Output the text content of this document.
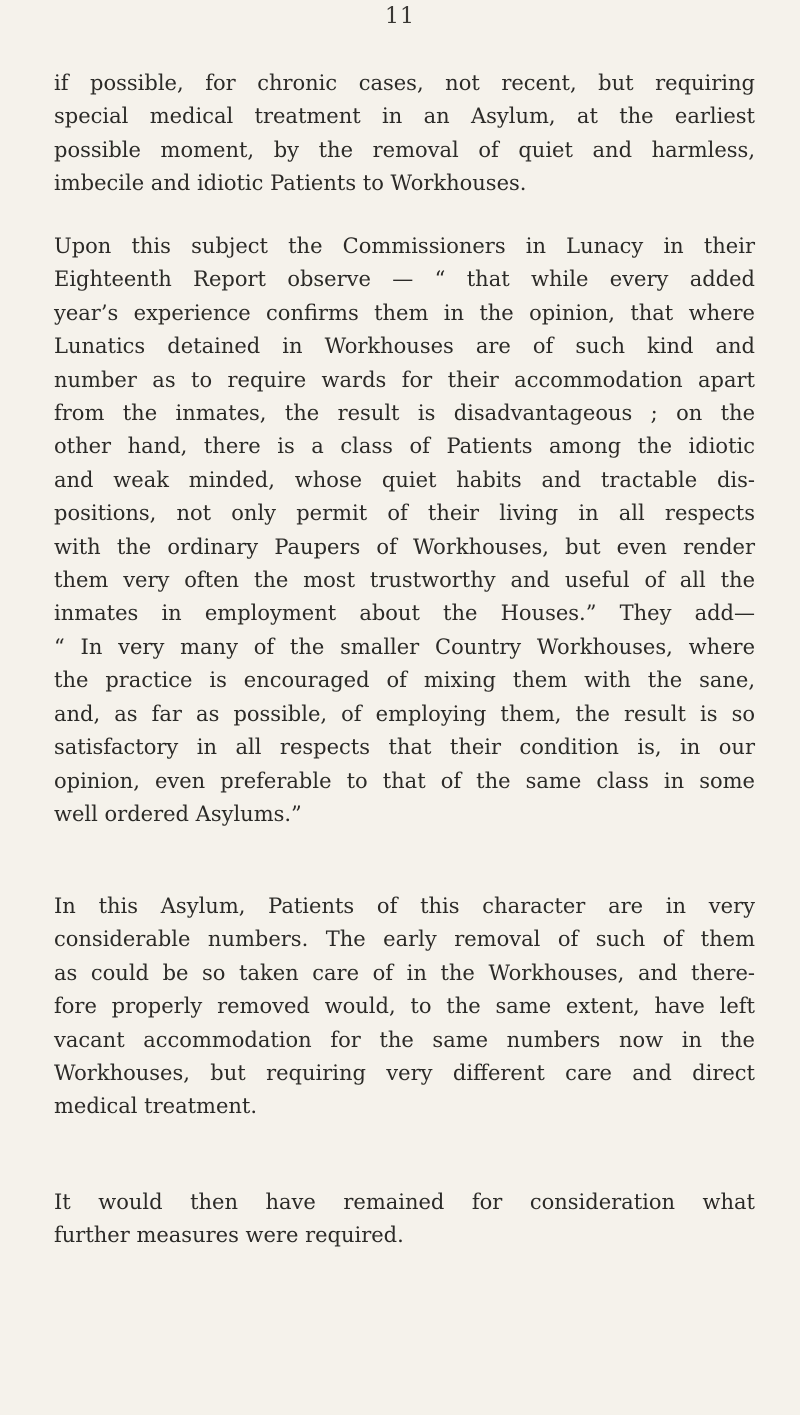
11
if possible, for chronic cases, not recent, but requiring
special medical treatment in an Asylum, at the earliest
possible moment, by the removal of quiet and harmless,
imbecile and idiotic Patients to Workhouses.
Upon this subject the Commissioners in Lunacy in their
Eighteenth Report observe — “ that while every added
year’s experience confirms them in the opinion, that where
Lunatics detained in Workhouses are of such kind and
number as to require wards for their accommodation apart
from the inmates, the result is disadvantageous ; on the
other hand, there is a class of Patients among the idiotic
and weak minded, whose quiet habits and tractable dis-
positions, not only permit of their living in all respects
with the ordinary Paupers of Workhouses, but even render
them very often the most trustworthy and useful of all the
inmates in employment about the Houses.” They add—
“ In very many of the smaller Country Workhouses, where
the practice is encouraged of mixing them with the sane,
and, as far as possible, of employing them, the result is so
satisfactory in all respects that their condition is, in our
opinion, even preferable to that of the same class in some
well ordered Asylums.”
In this Asylum, Patients of this character are in very
considerable numbers. The early removal of such of them
as could be so taken care of in the Workhouses, and there-
fore properly removed would, to the same extent, have left
vacant accommodation for the same numbers now in the
Workhouses, but requiring very different care and direct
medical treatment.
It would then have remained for consideration what
further measures were required.
